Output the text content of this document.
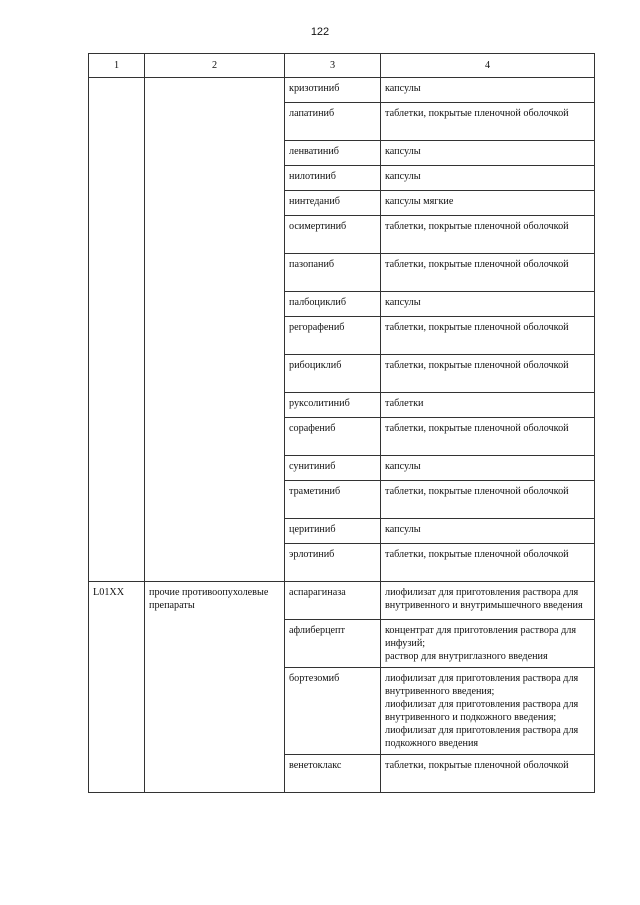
122
1	2	3	4
		кризотиниб	капсулы
		лапатиниб	таблетки, покрытые пленочной оболочкой
		ленватиниб	капсулы
		нилотиниб	капсулы
		нинтеданиб	капсулы мягкие
		осимертиниб	таблетки, покрытые пленочной оболочкой
		пазопаниб	таблетки, покрытые пленочной оболочкой
		палбоциклиб	капсулы
		регорафениб	таблетки, покрытые пленочной оболочкой
		рибоциклиб	таблетки, покрытые пленочной оболочкой
		руксолитиниб	таблетки
		сорафениб	таблетки, покрытые пленочной оболочкой
		сунитиниб	капсулы
		траметиниб	таблетки, покрытые пленочной оболочкой
		церитиниб	капсулы
		эрлотиниб	таблетки, покрытые пленочной оболочкой
L01XX	прочие противоопухолевые препараты	аспарагиназа	лиофилизат для приготовления раствора для внутривенного и внутримышечного введения
		афлиберцепт	концентрат для приготовления раствора для инфузий;
раствор для внутриглазного введения
		бортезомиб	лиофилизат для приготовления раствора для внутривенного введения;
лиофилизат для приготовления раствора для внутривенного и подкожного введения;
лиофилизат для приготовления раствора для подкожного введения
		венетоклакс	таблетки, покрытые пленочной оболочкой
